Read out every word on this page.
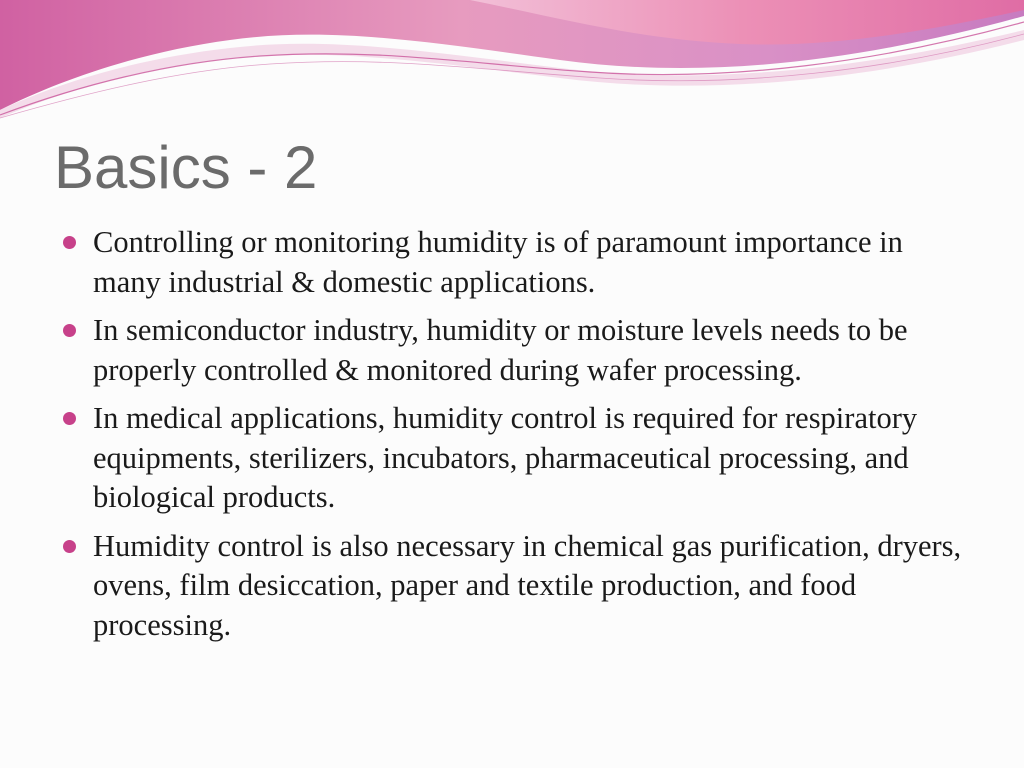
Basics - 2
Controlling or monitoring humidity is of paramount importance in many industrial & domestic applications.
In semiconductor industry, humidity or moisture levels needs to be properly controlled & monitored during wafer processing.
In medical applications, humidity control is required for respiratory equipments, sterilizers, incubators, pharmaceutical processing, and biological products.
Humidity control is also necessary in chemical gas purification, dryers, ovens, film desiccation, paper and textile production, and food processing.
